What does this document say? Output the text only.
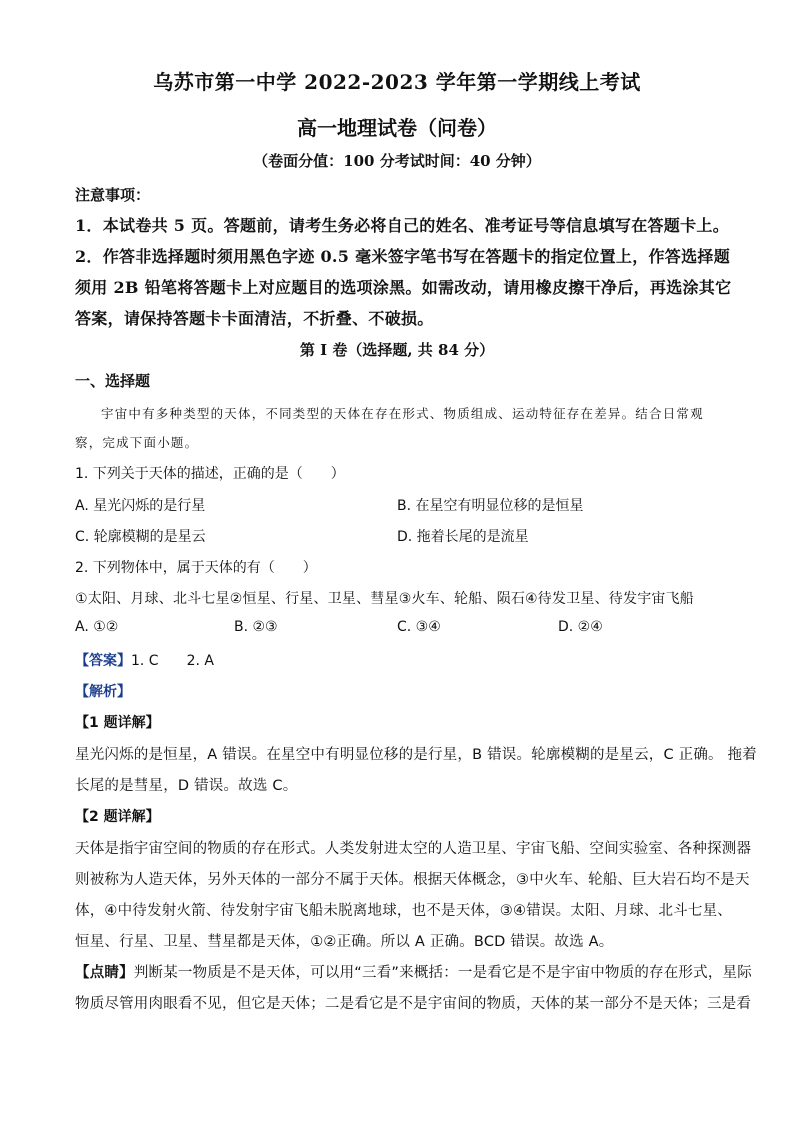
乌苏市第一中学 2022-2023 学年第一学期线上考试
高一地理试卷（问卷）
（卷面分值：100 分考试时间：40 分钟）
注意事项：
1．本试卷共 5 页。答题前，请考生务必将自己的姓名、准考证号等信息填写在答题卡上。
2．作答非选择题时须用黑色字迹 0.5 毫米签字笔书写在答题卡的指定位置上，作答选择题
须用 2B 铅笔将答题卡上对应题目的选项涂黑。如需改动，请用橡皮擦干净后，再选涂其它
答案，请保持答题卡卡面清洁，不折叠、不破损。
第 I 卷（选择题, 共 84 分）
一、选择题
宇宙中有多种类型的天体，不同类型的天体在存在形式、物质组成、运动特征存在差异。结合日常观
察，完成下面小题。
1. 下列关于天体的描述，正确的是（　　）
A. 星光闪烁的是行星	B. 在星空有明显位移的是恒星
C. 轮廓模糊的是星云	D. 拖着长尾的是流星
2. 下列物体中，属于天体的有（　　）
①太阳、月球、北斗七星②恒星、行星、卫星、彗星③火车、轮船、陨石④待发卫星、待发宇宙飞船
A. ①②	B. ②③	C. ③④	D. ②④
【答案】1. C　　2. A
【解析】
【1 题详解】
星光闪烁的是恒星，A 错误。在星空中有明显位移的是行星，B 错误。轮廓模糊的是星云，C 正确。 拖着
长尾的是彗星，D 错误。故选 C。
【2 题详解】
天体是指宇宙空间的物质的存在形式。人类发射进太空的人造卫星、宇宙飞船、空间实验室、各种探测器
则被称为人造天体，另外天体的一部分不属于天体。根据天体概念，③中火车、轮船、巨大岩石均不是天
体，④中待发射火箭、待发射宇宙飞船未脱离地球，也不是天体，③④错误。太阳、月球、北斗七星、
恒星、行星、卫星、彗星都是天体，①②正确。所以 A 正确。BCD 错误。故选 A。
【点睛】判断某一物质是不是天体，可以用“三看”来概括：一是看它是不是宇宙中物质的存在形式，星际
物质尽管用肉眼看不见，但它是天体；二是看它是不是宇宙间的物质，天体的某一部分不是天体；三是看
